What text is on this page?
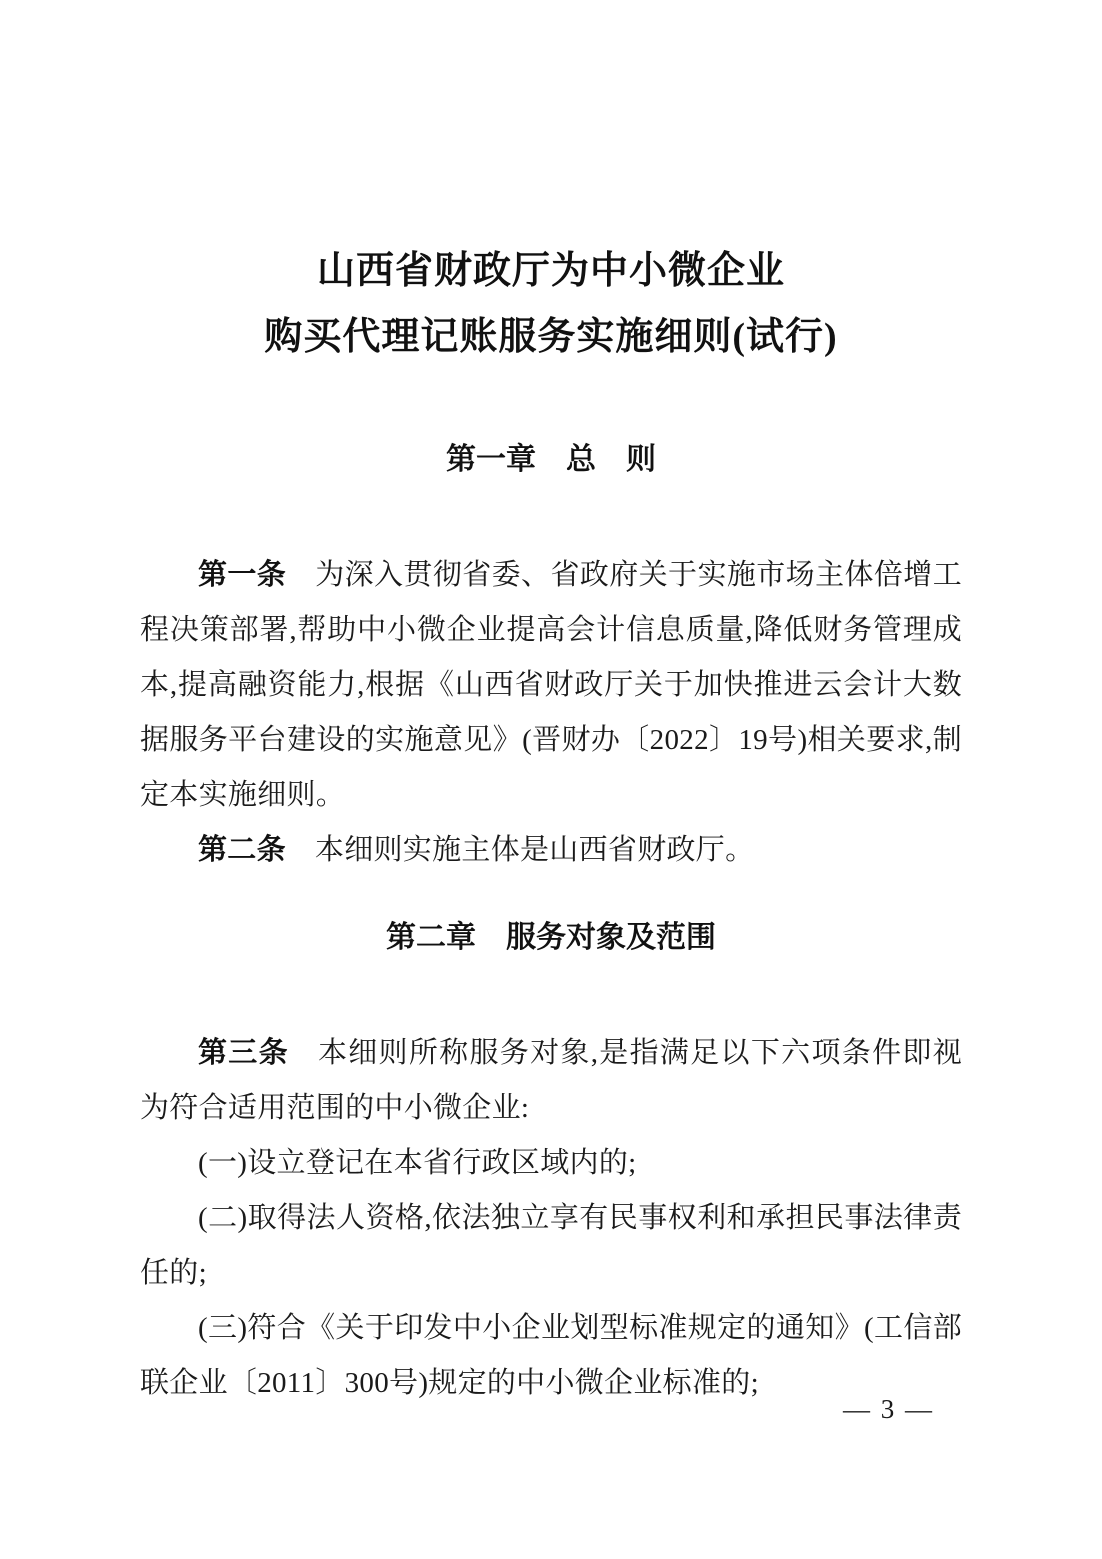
山西省财政厅为中小微企业
购买代理记账服务实施细则(试行)
第一章　总　则

第一条 为深入贯彻省委、省政府关于实施市场主体倍增工程决策部署,帮助中小微企业提高会计信息质量,降低财务管理成本,提高融资能力,根据《山西省财政厅关于加快推进云会计大数据服务平台建设的实施意见》(晋财办〔2022〕19号)相关要求,制定本实施细则。

第二条 本细则实施主体是山西省财政厅。

第二章　服务对象及范围

第三条 本细则所称服务对象,是指满足以下六项条件即视为符合适用范围的中小微企业:

(一)设立登记在本省行政区域内的;

(二)取得法人资格,依法独立享有民事权利和承担民事法律责任的;

(三)符合《关于印发中小企业划型标准规定的通知》(工信部联企业〔2011〕300号)规定的中小微企业标准的;

— 3 —
